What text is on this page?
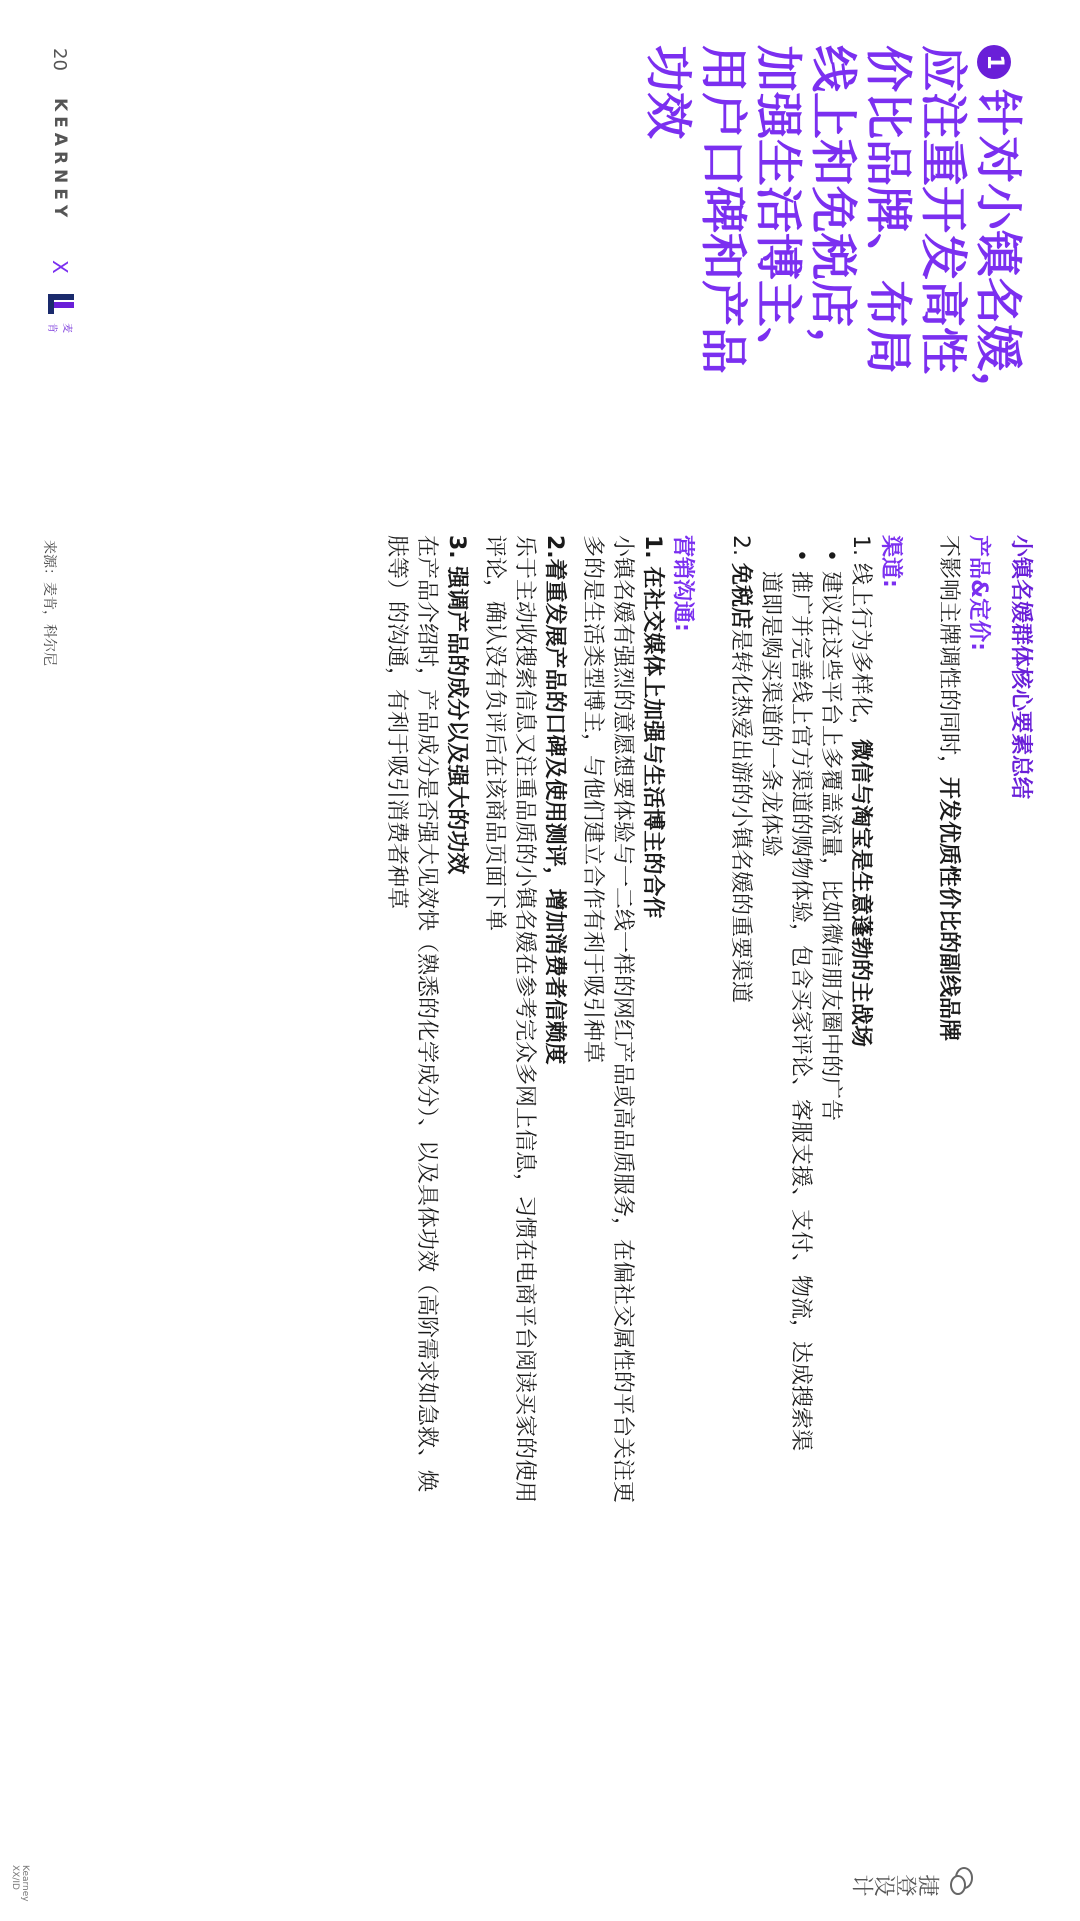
1针对小镇名媛，

应注重开发高性

价比品牌、布局

线上和免税店，

加强生活博主、

用户口碑和产品

功效

小镇名媛群体核心要素总结

产品&定价:

不影响主牌调性的同时，开发优质性价比的副线品牌

渠道:

1. 线上行为多样化，微信与淘宝是生意蓬勃的主战场

• 建议在这些平台上多覆盖流量，比如微信朋友圈中的广告
• 推广并完善线上官方渠道的购物体验，包含买家评论、客服支援、支付、物流，达成搜索渠
道即是购买渠道的一条龙体验

2. 免税店是转化热爱出游的小镇名媛的重要渠道

营销沟通:

1. 在社交媒体上加强与生活博主的合作

小镇名媛有强烈的意愿想要体验与一二线一样的网红产品或高品质服务，在偏社交属性的平台关注更

多的是生活类型博主，与他们建立合作有利于吸引种草

2.着重发展产品的口碑及使用测评，增加消费者信赖度

乐于主动收搜索信息又注重品质的小镇名媛在参考完众多网上信息，习惯在电商平台阅读买家的使用

评论，确认没有负评后在该商品页面下单

3. 强调产品的成分以及强大的功效

在产品介绍时，产品成分是否强大见效快（熟悉的化学成分）、以及具体功效（高阶需求如急救、焕

肤等）的沟通，有利于吸引消费者种草

20
KEARNEY
X
麦肯
来源：麦肯，科尔尼
Kearney XX/ID	捷登设计
